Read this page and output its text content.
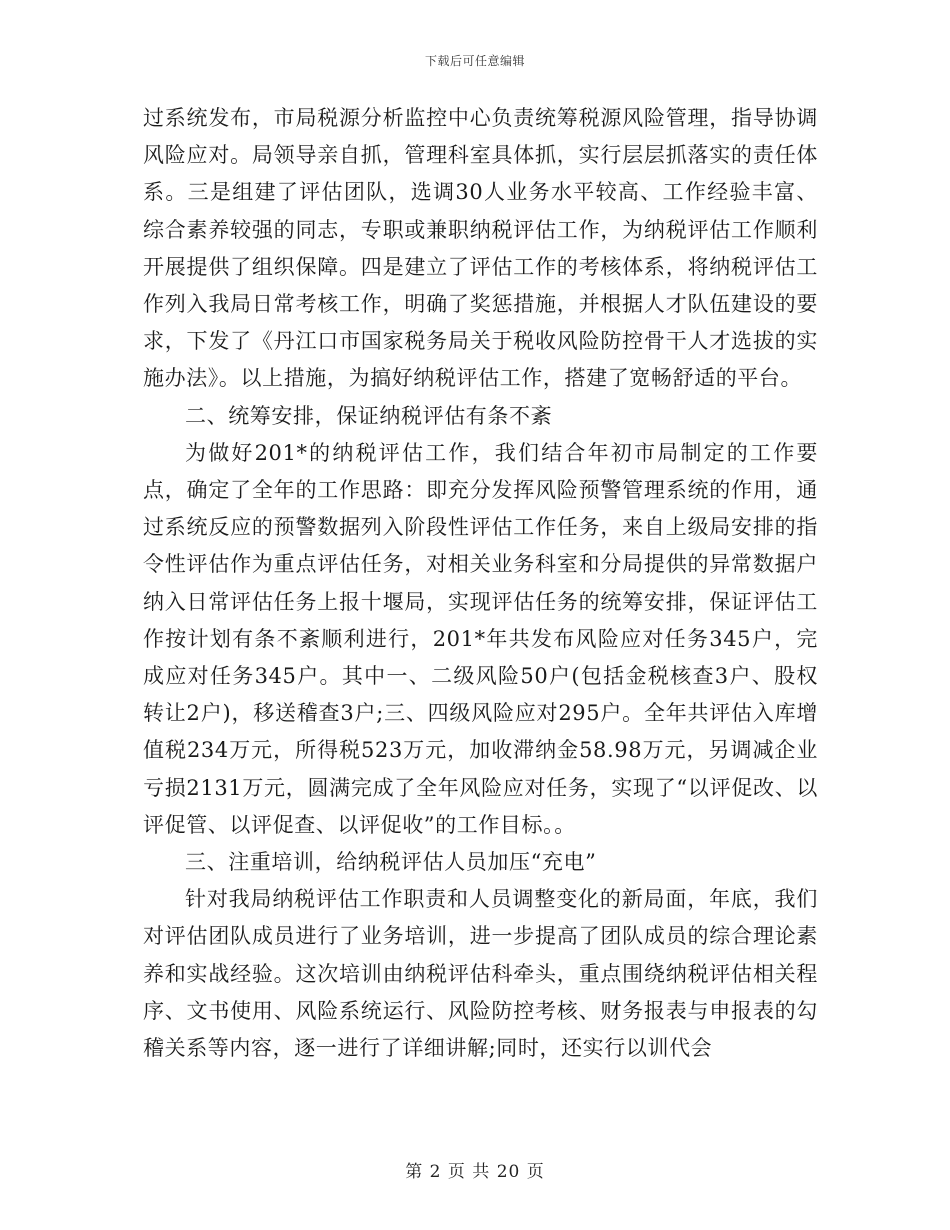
下载后可任意编辑

过系统发布，市局税源分析监控中心负责统筹税源风险管理，指导协调风险应对。局领导亲自抓，管理科室具体抓，实行层层抓落实的责任体系。三是组建了评估团队，选调30人业务水平较高、工作经验丰富、综合素养较强的同志，专职或兼职纳税评估工作，为纳税评估工作顺利开展提供了组织保障。四是建立了评估工作的考核体系，将纳税评估工作列入我局日常考核工作，明确了奖惩措施，并根据人才队伍建设的要求，下发了《丹江口市国家税务局关于税收风险防控骨干人才选拔的实施办法》。以上措施，为搞好纳税评估工作，搭建了宽畅舒适的平台。

二、统筹安排，保证纳税评估有条不紊

为做好201*的纳税评估工作，我们结合年初市局制定的工作要点，确定了全年的工作思路：即充分发挥风险预警管理系统的作用，通过系统反应的预警数据列入阶段性评估工作任务，来自上级局安排的指令性评估作为重点评估任务，对相关业务科室和分局提供的异常数据户纳入日常评估任务上报十堰局，实现评估任务的统筹安排，保证评估工作按计划有条不紊顺利进行，201*年共发布风险应对任务345户，完成应对任务345户。其中一、二级风险50户(包括金税核查3户、股权转让2户)，移送稽查3户;三、四级风险应对295户。全年共评估入库增值税234万元，所得税523万元，加收滞纳金58.98万元，另调减企业亏损2131万元，圆满完成了全年风险应对任务，实现了“以评促改、以评促管、以评促查、以评促收”的工作目标。。

三、注重培训，给纳税评估人员加压“充电”

针对我局纳税评估工作职责和人员调整变化的新局面，年底，我们对评估团队成员进行了业务培训，进一步提高了团队成员的综合理论素养和实战经验。这次培训由纳税评估科牵头，重点围绕纳税评估相关程序、文书使用、风险系统运行、风险防控考核、财务报表与申报表的勾稽关系等内容，逐一进行了详细讲解;同时，还实行以训代会

第 2 页 共 20 页
